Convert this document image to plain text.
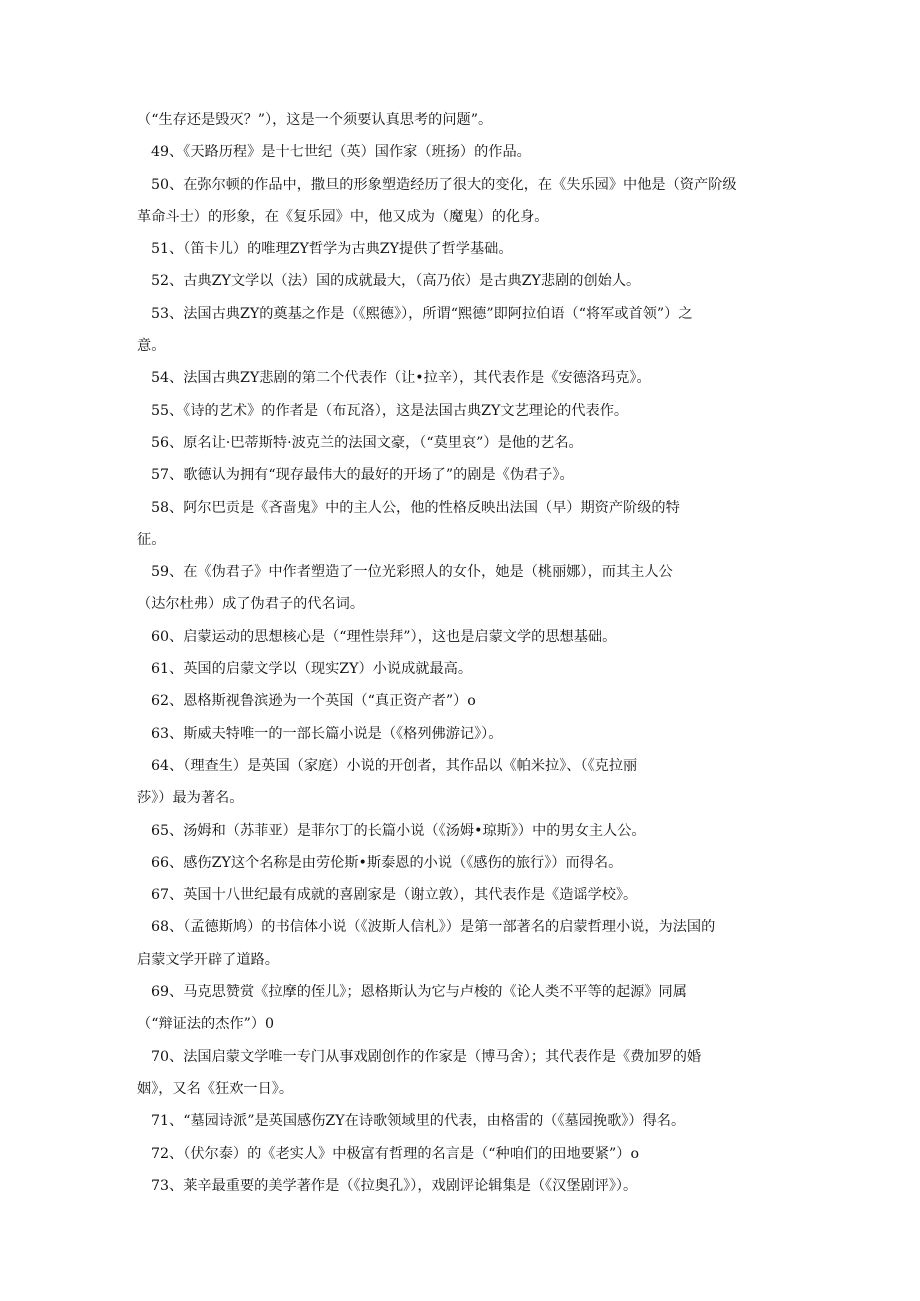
（“生存还是毁灭？”），这是一个须要认真思考的问题”。
49、《天路历程》是十七世纪（英）国作家（班扬）的作品。
50、在弥尔顿的作品中，撒旦的形象塑造经历了很大的变化，在《失乐园》中他是（资产阶级
革命斗士）的形象，在《复乐园》中，他又成为（魔鬼）的化身。
51、（笛卡儿）的唯理ZY哲学为古典ZY提供了哲学基础。
52、古典ZY文学以（法）国的成就最大，（高乃依）是古典ZY悲剧的创始人。
53、法国古典ZY的奠基之作是（《熙德》），所谓“熙德”即阿拉伯语（“将军或首领”）之
意。
54、法国古典ZY悲剧的第二个代表作（让•拉辛），其代表作是《安德洛玛克》。
55、《诗的艺术》的作者是（布瓦洛），这是法国古典ZY文艺理论的代表作。
56、原名让·巴蒂斯特·波克兰的法国文豪，（“莫里哀”）是他的艺名。
57、歌德认为拥有“现存最伟大的最好的开场了”的剧是《伪君子》。
58、阿尔巴贡是《吝啬鬼》中的主人公，他的性格反映出法国（早）期资产阶级的特
征。
59、在《伪君子》中作者塑造了一位光彩照人的女仆，她是（桃丽娜），而其主人公
（达尔杜弗）成了伪君子的代名词。
60、启蒙运动的思想核心是（“理性崇拜”），这也是启蒙文学的思想基础。
61、英国的启蒙文学以（现实ZY）小说成就最高。
62、恩格斯视鲁滨逊为一个英国（“真正资产者”）o
63、斯威夫特唯一的一部长篇小说是（《格列佛游记》）。
64、（理查生）是英国（家庭）小说的开创者，其作品以《帕米拉》、（《克拉丽
莎》）最为著名。
65、汤姆和（苏菲亚）是菲尔丁的长篇小说（《汤姆•琼斯》）中的男女主人公。
66、感伤ZY这个名称是由劳伦斯•斯泰恩的小说（《感伤的旅行》）而得名。
67、英国十八世纪最有成就的喜剧家是（谢立敦），其代表作是《造谣学校》。
68、（孟德斯鸠）的书信体小说（《波斯人信札》）是第一部著名的启蒙哲理小说，为法国的
启蒙文学开辟了道路。
69、马克思赞赏《拉摩的侄儿》；恩格斯认为它与卢梭的《论人类不平等的起源》同属
（“辩证法的杰作”）0
70、法国启蒙文学唯一专门从事戏剧创作的作家是（博马舍）；其代表作是《费加罗的婚
姻》，又名《狂欢一日》。
71、“墓园诗派”是英国感伤ZY在诗歌领域里的代表，由格雷的（《墓园挽歌》）得名。
72、（伏尔泰）的《老实人》中极富有哲理的名言是（“种咱们的田地要紧”）o
73、莱辛最重要的美学著作是（《拉奥孔》），戏剧评论辑集是（《汉堡剧评》）。
